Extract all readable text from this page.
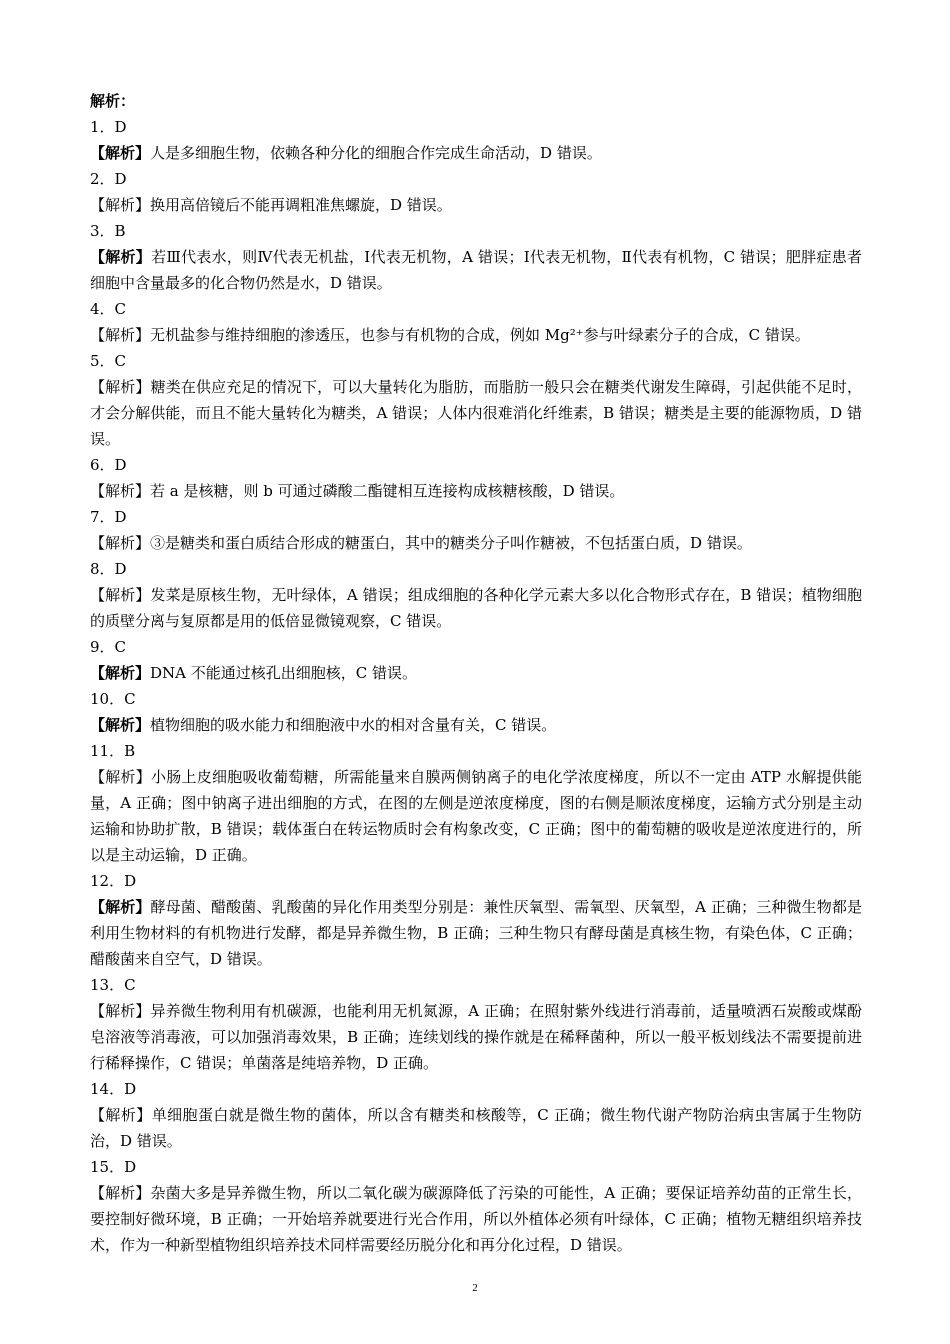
解析：
1．D
【解析】人是多细胞生物，依赖各种分化的细胞合作完成生命活动，D 错误。
2．D
【解析】换用高倍镜后不能再调粗准焦螺旋，D 错误。
3．B
【解析】若Ⅲ代表水，则Ⅳ代表无机盐，Ⅰ代表无机物，A 错误；Ⅰ代表无机物，Ⅱ代表有机物，C 错误；肥胖症患者细胞中含量最多的化合物仍然是水，D 错误。
4．C
【解析】无机盐参与维持细胞的渗透压，也参与有机物的合成，例如 Mg²⁺参与叶绿素分子的合成，C 错误。
5．C
【解析】糖类在供应充足的情况下，可以大量转化为脂肪，而脂肪一般只会在糖类代谢发生障碍，引起供能不足时，才会分解供能，而且不能大量转化为糖类，A 错误；人体内很难消化纤维素，B 错误；糖类是主要的能源物质，D 错误。
6．D
【解析】若 a 是核糖，则 b 可通过磷酸二酯键相互连接构成核糖核酸，D 错误。
7．D
【解析】③是糖类和蛋白质结合形成的糖蛋白，其中的糖类分子叫作糖被，不包括蛋白质，D 错误。
8．D
【解析】发菜是原核生物，无叶绿体，A 错误；组成细胞的各种化学元素大多以化合物形式存在，B 错误；植物细胞的质壁分离与复原都是用的低倍显微镜观察，C 错误。
9．C
【解析】DNA 不能通过核孔出细胞核，C 错误。
10．C
【解析】植物细胞的吸水能力和细胞液中水的相对含量有关，C 错误。
11．B
【解析】小肠上皮细胞吸收葡萄糖，所需能量来自膜两侧钠离子的电化学浓度梯度，所以不一定由 ATP 水解提供能量，A 正确；图中钠离子进出细胞的方式，在图的左侧是逆浓度梯度，图的右侧是顺浓度梯度，运输方式分别是主动运输和协助扩散，B 错误；载体蛋白在转运物质时会有构象改变，C 正确；图中的葡萄糖的吸收是逆浓度进行的，所以是主动运输，D 正确。
12．D
【解析】酵母菌、醋酸菌、乳酸菌的异化作用类型分别是：兼性厌氧型、需氧型、厌氧型，A 正确；三种微生物都是利用生物材料的有机物进行发酵，都是异养微生物，B 正确；三种生物只有酵母菌是真核生物，有染色体，C 正确；醋酸菌来自空气，D 错误。
13．C
【解析】异养微生物利用有机碳源，也能利用无机氮源，A 正确；在照射紫外线进行消毒前，适量喷洒石炭酸或煤酚皂溶液等消毒液，可以加强消毒效果，B 正确；连续划线的操作就是在稀释菌种，所以一般平板划线法不需要提前进行稀释操作，C 错误；单菌落是纯培养物，D 正确。
14．D
【解析】单细胞蛋白就是微生物的菌体，所以含有糖类和核酸等，C 正确；微生物代谢产物防治病虫害属于生物防治，D 错误。
15．D
【解析】杂菌大多是异养微生物，所以二氧化碳为碳源降低了污染的可能性，A 正确；要保证培养幼苗的正常生长，要控制好微环境，B 正确；一开始培养就要进行光合作用，所以外植体必须有叶绿体，C 正确；植物无糖组织培养技术，作为一种新型植物组织培养技术同样需要经历脱分化和再分化过程，D 错误。
2
